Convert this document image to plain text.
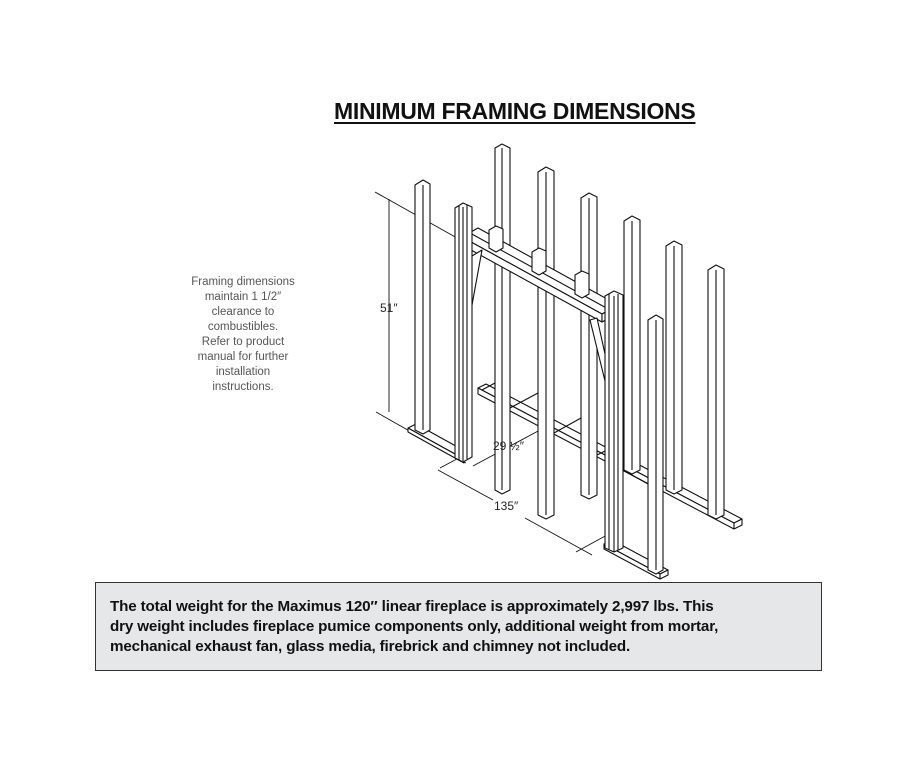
MINIMUM FRAMING DIMENSIONS
Framing dimensions
maintain 1 1/2″
clearance to
combustibles.
Refer to product
manual for further
installation
instructions.
51″
29 ½″
135″

The total weight for the Maximus 120″ linear fireplace is approximately 2,997 lbs. This
dry weight includes fireplace pumice components only, additional weight from mortar,
mechanical exhaust fan, glass media, firebrick and chimney not included.
